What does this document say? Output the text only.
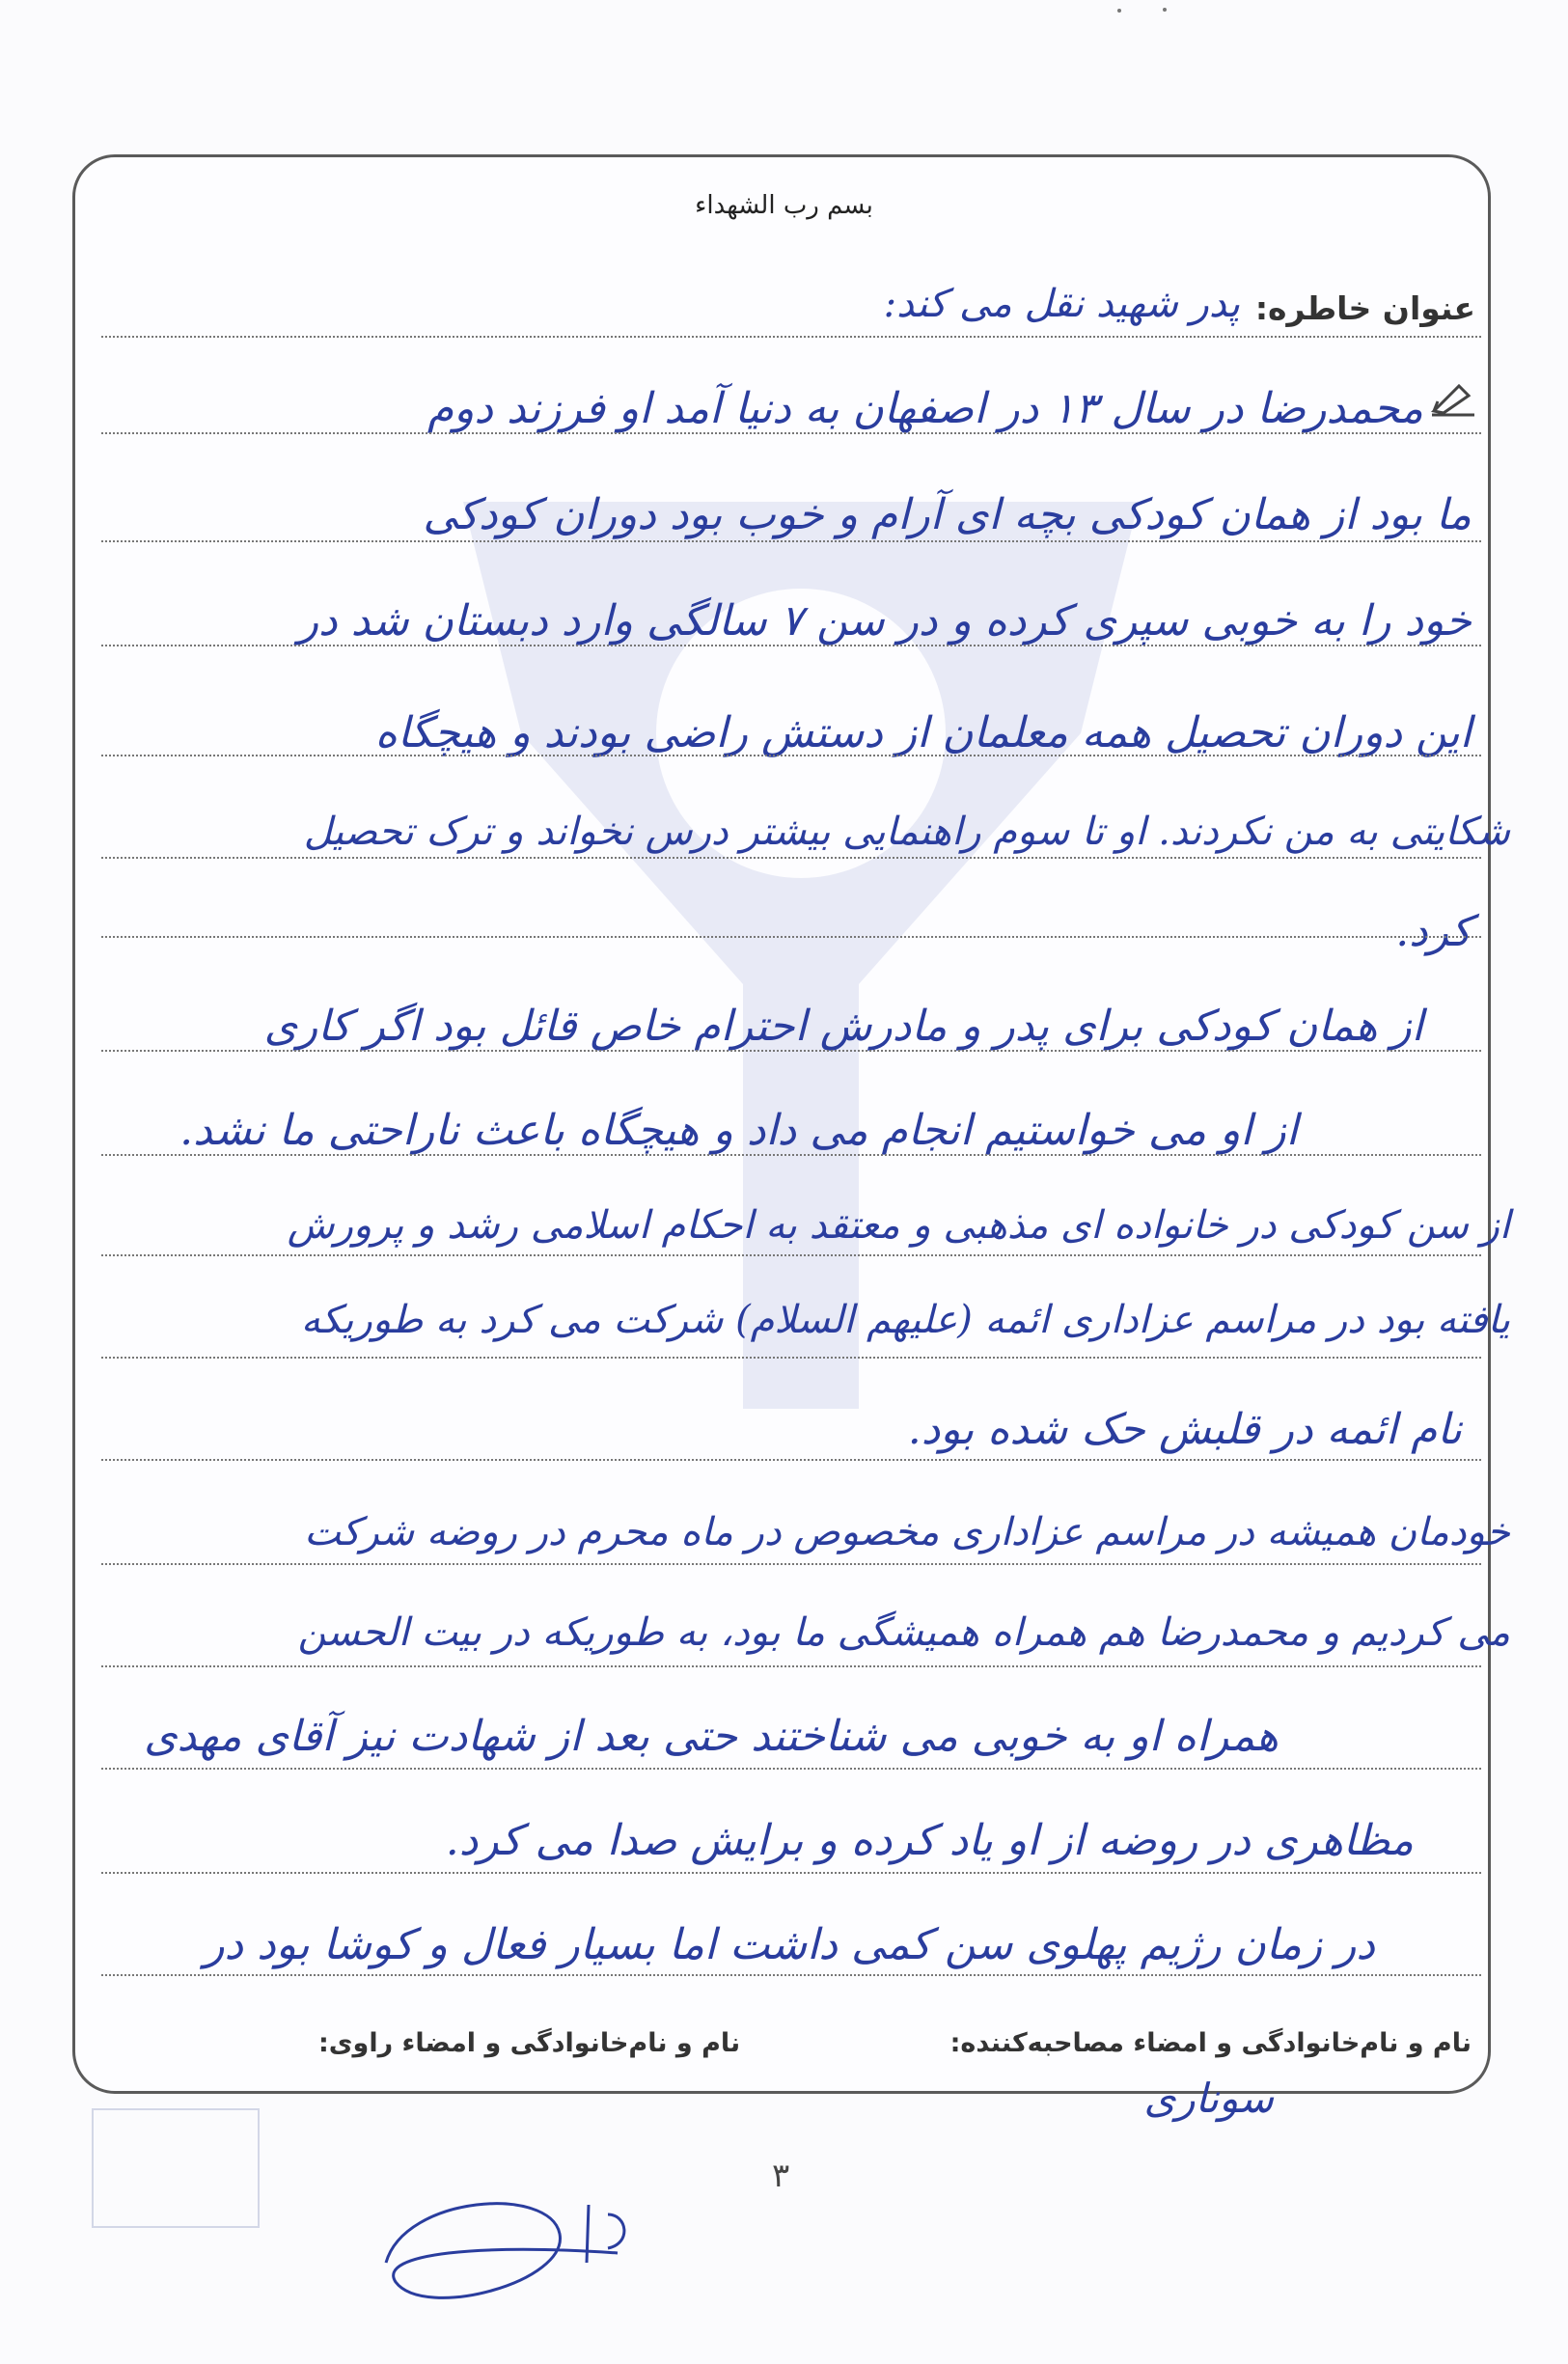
بسم رب الشهداء
عنوان خاطره:
پدر شهید نقل می کند:
محمدرضا در سال ۱۳ در اصفهان به دنیا آمد او فرزند دوم
ما بود از همان کودکی بچه ای آرام و خوب بود دوران کودکی
خود را به خوبی سپری کرده و در سن ۷ سالگی وارد دبستان شد در
این دوران تحصیل همه معلمان از دستش راضی بودند و هیچگاه
شکایتی به من نکردند. او تا سوم راهنمایی بیشتر درس نخواند و ترک تحصیل
کرد.
از همان کودکی برای پدر و مادرش احترام خاص قائل بود اگر کاری
از او می خواستیم انجام می داد و هیچگاه باعث ناراحتی ما نشد.
از سن کودکی در خانواده ای مذهبی و معتقد به احکام اسلامی رشد و پرورش
یافته بود در مراسم عزاداری ائمه (علیهم السلام) شرکت می کرد به طوریکه
نام ائمه در قلبش حک شده بود.
خودمان همیشه در مراسم عزاداری مخصوص در ماه محرم در روضه شرکت
می کردیم و محمدرضا هم همراه همیشگی ما بود، به طوریکه در بیت الحسن
همراه او به خوبی می شناختند حتی بعد از شهادت نیز آقای مهدی
مظاهری در روضه از او یاد کرده و برایش صدا می کرد.
در زمان رژیم پهلوی سن کمی داشت اما بسیار فعال و کوشا بود در
نام و نام‌خانوادگی و امضاء مصاحبه‌کننده:
نام و نام‌خانوادگی و امضاء راوی:
سوناری
۳
